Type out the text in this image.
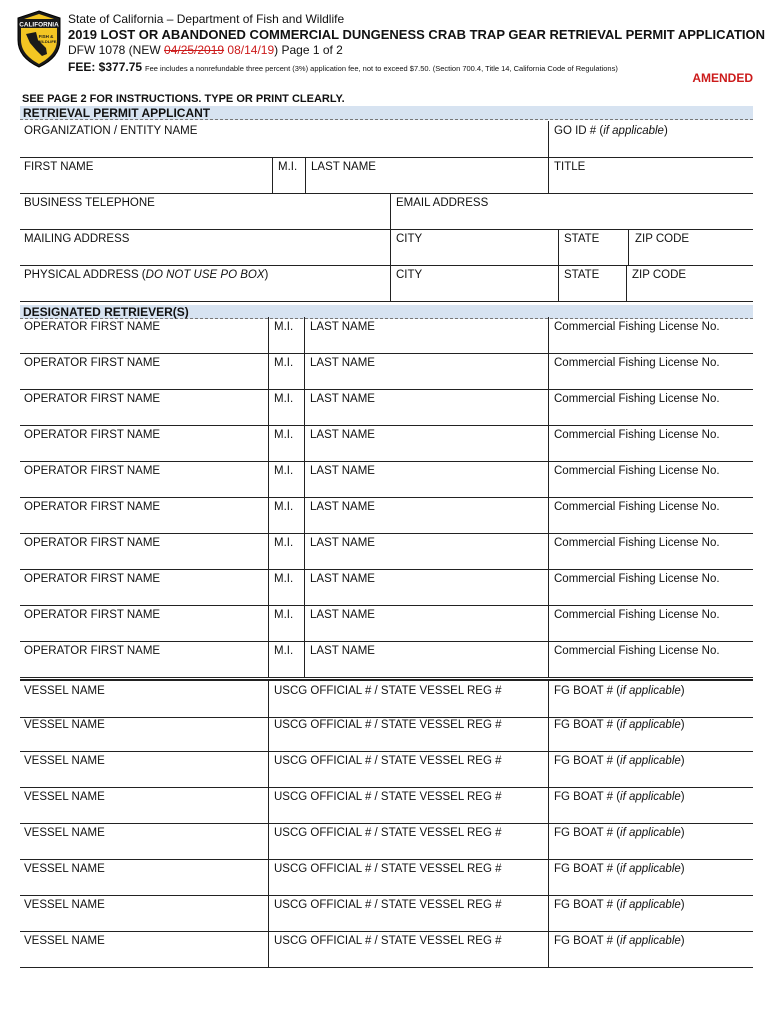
CALIFORNIA
FISH &
WILDLIFE
State of California – Department of Fish and Wildlife
2019 LOST OR ABANDONED COMMERCIAL DUNGENESS CRAB TRAP GEAR RETRIEVAL PERMIT APPLICATION
DFW 1078 (NEW 04/25/2019 08/14/19) Page 1 of 2
FEE: $377.75 Fee includes a nonrefundable three percent (3%) application fee, not to exceed $7.50. (Section 700.4, Title 14, California Code of Regulations)
AMENDED
SEE PAGE 2 FOR INSTRUCTIONS. TYPE OR PRINT CLEARLY.
RETRIEVAL PERMIT APPLICANT
ORGANIZATION / ENTITY NAME	GO ID # (if applicable)
FIRST NAME	M.I.	LAST NAME	TITLE
BUSINESS TELEPHONE	EMAIL ADDRESS
MAILING ADDRESS	CITY	STATE	ZIP CODE
PHYSICAL ADDRESS (DO NOT USE PO BOX)	CITY	STATE	ZIP CODE
DESIGNATED RETRIEVER(S)
OPERATOR FIRST NAME	M.I.	LAST NAME	Commercial Fishing License No.
OPERATOR FIRST NAME	M.I.	LAST NAME	Commercial Fishing License No.
OPERATOR FIRST NAME	M.I.	LAST NAME	Commercial Fishing License No.
OPERATOR FIRST NAME	M.I.	LAST NAME	Commercial Fishing License No.
OPERATOR FIRST NAME	M.I.	LAST NAME	Commercial Fishing License No.
OPERATOR FIRST NAME	M.I.	LAST NAME	Commercial Fishing License No.
OPERATOR FIRST NAME	M.I.	LAST NAME	Commercial Fishing License No.
OPERATOR FIRST NAME	M.I.	LAST NAME	Commercial Fishing License No.
OPERATOR FIRST NAME	M.I.	LAST NAME	Commercial Fishing License No.
OPERATOR FIRST NAME	M.I.	LAST NAME	Commercial Fishing License No.
VESSEL NAME	USCG OFFICIAL # / STATE VESSEL REG #	FG BOAT # (if applicable)
VESSEL NAME	USCG OFFICIAL # / STATE VESSEL REG #	FG BOAT # (if applicable)
VESSEL NAME	USCG OFFICIAL # / STATE VESSEL REG #	FG BOAT # (if applicable)
VESSEL NAME	USCG OFFICIAL # / STATE VESSEL REG #	FG BOAT # (if applicable)
VESSEL NAME	USCG OFFICIAL # / STATE VESSEL REG #	FG BOAT # (if applicable)
VESSEL NAME	USCG OFFICIAL # / STATE VESSEL REG #	FG BOAT # (if applicable)
VESSEL NAME	USCG OFFICIAL # / STATE VESSEL REG #	FG BOAT # (if applicable)
VESSEL NAME	USCG OFFICIAL # / STATE VESSEL REG #	FG BOAT # (if applicable)
